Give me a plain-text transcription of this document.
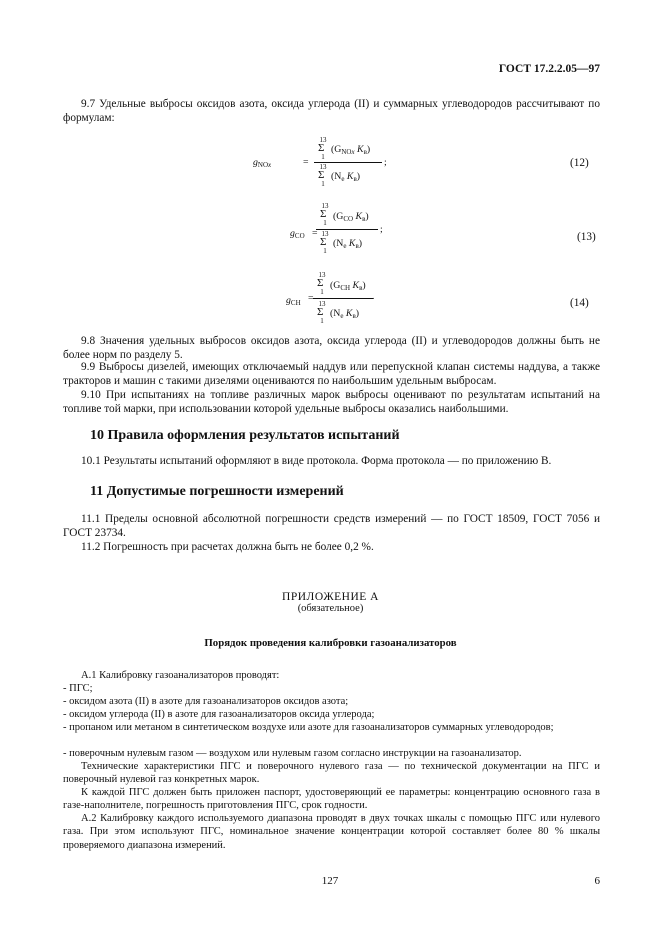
ГОСТ 17.2.2.05—97
9.7 Удельные выбросы оксидов азота, оксида углерода (II) и суммарных углеводородов рассчитывают по формулам:
$g_{NOx}$	=
13
Σ
1
($G_{NOx}$ $K_в$)
13
Σ
1
($N_e$ $K_в$)
;	(12)
$g_{CO}$ =
13
Σ
1
($G_{CO}$ $K_в$)
13
Σ
1
($N_e$ $K_в$)
;
(13)
$g_{CH}$ =
13
Σ
1
($G_{CH}$ $K_в$)
13
Σ
1
($N_e$ $K_в$)
.
(14)
9.8 Значения удельных выбросов оксидов азота, оксида углерода (II) и углеводородов должны быть не более норм по разделу 5.
9.9 Выбросы дизелей, имеющих отключаемый наддув или перепускной клапан системы наддува, а также тракторов и машин с такими дизелями оцениваются по наибольшим удельным выбросам.
9.10 При испытаниях на топливе различных марок выбросы оценивают по результатам испытаний на топливе той марки, при использовании которой удельные выбросы оказались наибольшими.
10 Правила оформления результатов испытаний
10.1 Результаты испытаний оформляют в виде протокола. Форма протокола — по приложению В.
11 Допустимые погрешности измерений
11.1 Пределы основной абсолютной погрешности средств измерений — по ГОСТ 18509, ГОСТ 7056 и ГОСТ 23734.
11.2 Погрешность при расчетах должна быть не более 0,2 %.
ПРИЛОЖЕНИЕ А
(обязательное)
Порядок проведения калибровки газоанализаторов
А.1 Калибровку газоанализаторов проводят:
- ПГС;
- оксидом азота (II) в азоте для газоанализаторов оксидов азота;
- оксидом углерода (II) в азоте для газоанализаторов оксида углерода;
- пропаном или метаном в синтетическом воздухе или азоте для газоанализаторов суммарных углеводородов;
- поверочным нулевым газом — воздухом или нулевым газом согласно инструкции на газоанализатор.
Технические характеристики ПГС и поверочного нулевого газа — по технической документации на ПГС и поверочный нулевой газ конкретных марок.
К каждой ПГС должен быть приложен паспорт, удостоверяющий ее параметры: концентрацию основного газа в газе-наполнителе, погрешность приготовления ПГС, срок годности.
А.2 Калибровку каждого используемого диапазона проводят в двух точках шкалы с помощью ПГС или нулевого газа. При этом используют ПГС, номинальное значение концентрации которой составляет более 80 % шкалы проверяемого диапазона измерений.
127	6
